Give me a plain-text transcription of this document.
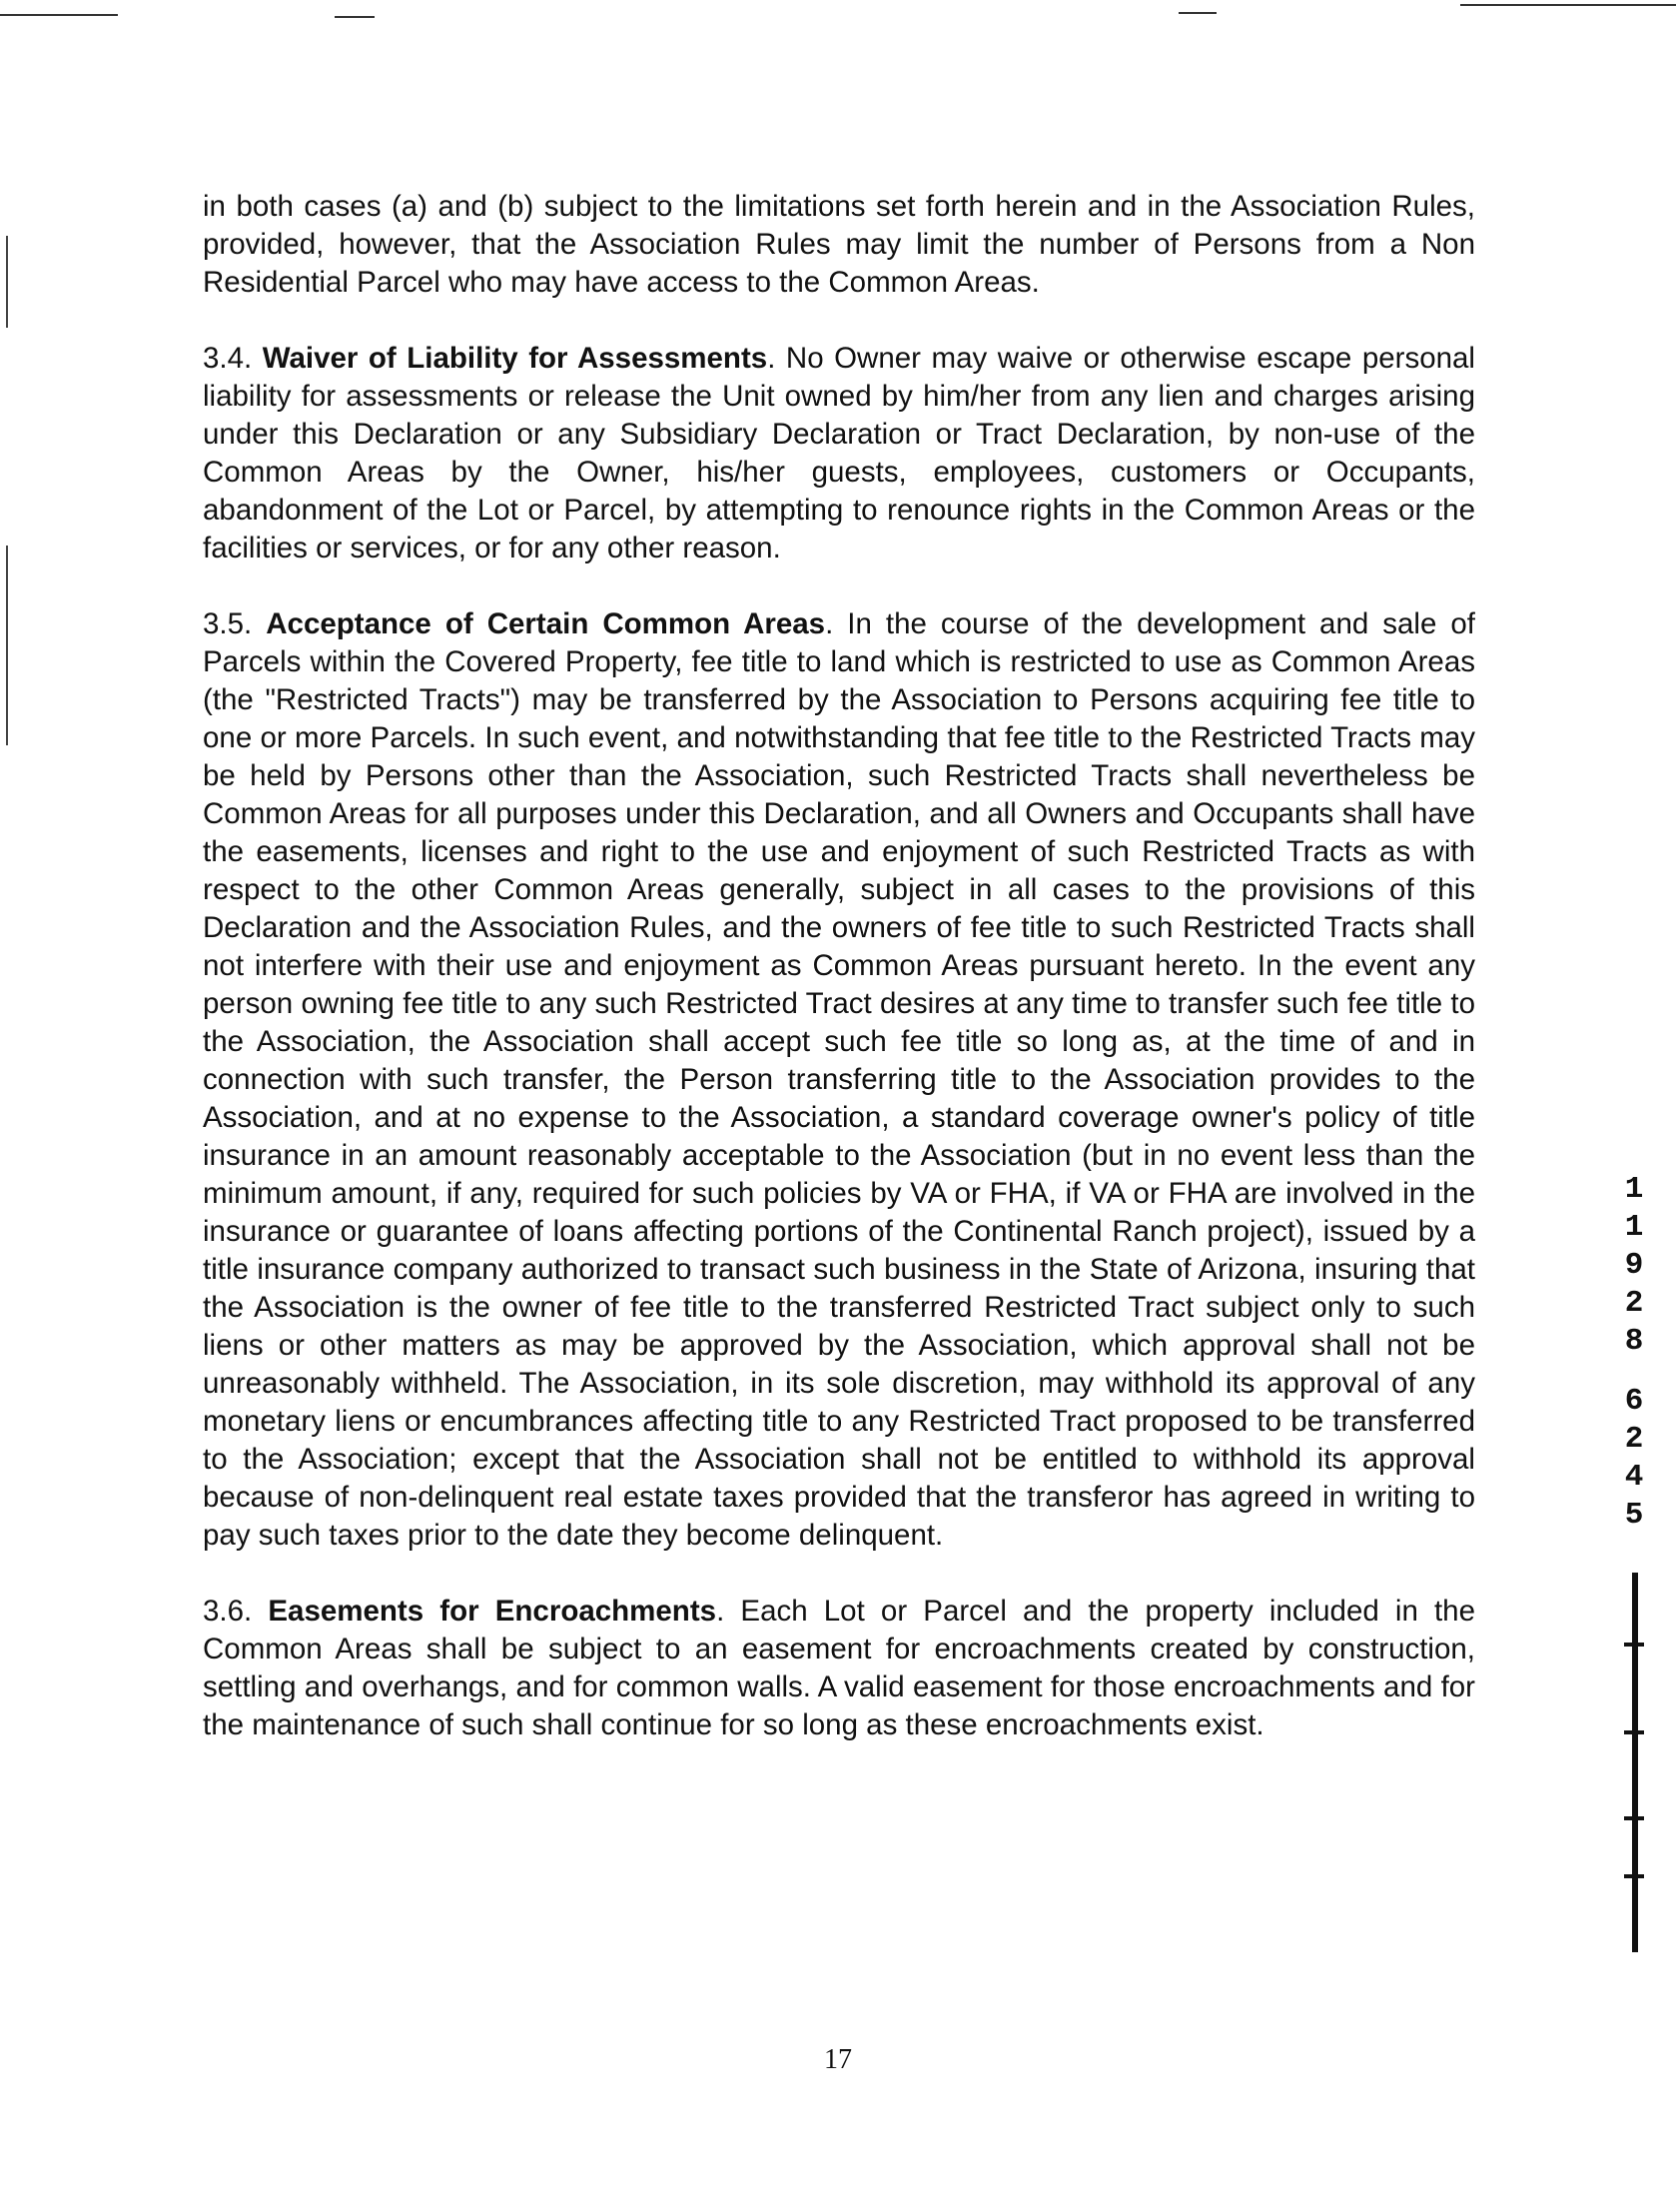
in both cases (a) and (b) subject to the limitations set forth herein and in the Association Rules, provided, however, that the Association Rules may limit the number of Persons from a Non Residential Parcel who may have access to the Common Areas.

3.4. Waiver of Liability for Assessments. No Owner may waive or otherwise escape personal liability for assessments or release the Unit owned by him/her from any lien and charges arising under this Declaration or any Subsidiary Declaration or Tract Declaration, by non-use of the Common Areas by the Owner, his/her guests, employees, customers or Occupants, abandonment of the Lot or Parcel, by attempting to renounce rights in the Common Areas or the facilities or services, or for any other reason.

3.5. Acceptance of Certain Common Areas. In the course of the development and sale of Parcels within the Covered Property, fee title to land which is restricted to use as Common Areas (the "Restricted Tracts") may be transferred by the Association to Persons acquiring fee title to one or more Parcels. In such event, and notwithstanding that fee title to the Restricted Tracts may be held by Persons other than the Association, such Restricted Tracts shall nevertheless be Common Areas for all purposes under this Declaration, and all Owners and Occupants shall have the easements, licenses and right to the use and enjoyment of such Restricted Tracts as with respect to the other Common Areas generally, subject in all cases to the provisions of this Declaration and the Association Rules, and the owners of fee title to such Restricted Tracts shall not interfere with their use and enjoyment as Common Areas pursuant hereto. In the event any person owning fee title to any such Restricted Tract desires at any time to transfer such fee title to the Association, the Association shall accept such fee title so long as, at the time of and in connection with such transfer, the Person transferring title to the Association provides to the Association, and at no expense to the Association, a standard coverage owner's policy of title insurance in an amount reasonably acceptable to the Association (but in no event less than the minimum amount, if any, required for such policies by VA or FHA, if VA or FHA are involved in the insurance or guarantee of loans affecting portions of the Continental Ranch project), issued by a title insurance company authorized to transact such business in the State of Arizona, insuring that the Association is the owner of fee title to the transferred Restricted Tract subject only to such liens or other matters as may be approved by the Association, which approval shall not be unreasonably withheld. The Association, in its sole discretion, may withhold its approval of any monetary liens or encumbrances affecting title to any Restricted Tract proposed to be transferred to the Association; except that the Association shall not be entitled to withhold its approval because of non-delinquent real estate taxes provided that the transferor has agreed in writing to pay such taxes prior to the date they become delinquent.

3.6. Easements for Encroachments. Each Lot or Parcel and the property included in the Common Areas shall be subject to an easement for encroachments created by construction, settling and overhangs, and for common walls. A valid easement for those encroachments and for the maintenance of such shall continue for so long as these encroachments exist.

1
1
9
2
8
6
2
4
5
17
